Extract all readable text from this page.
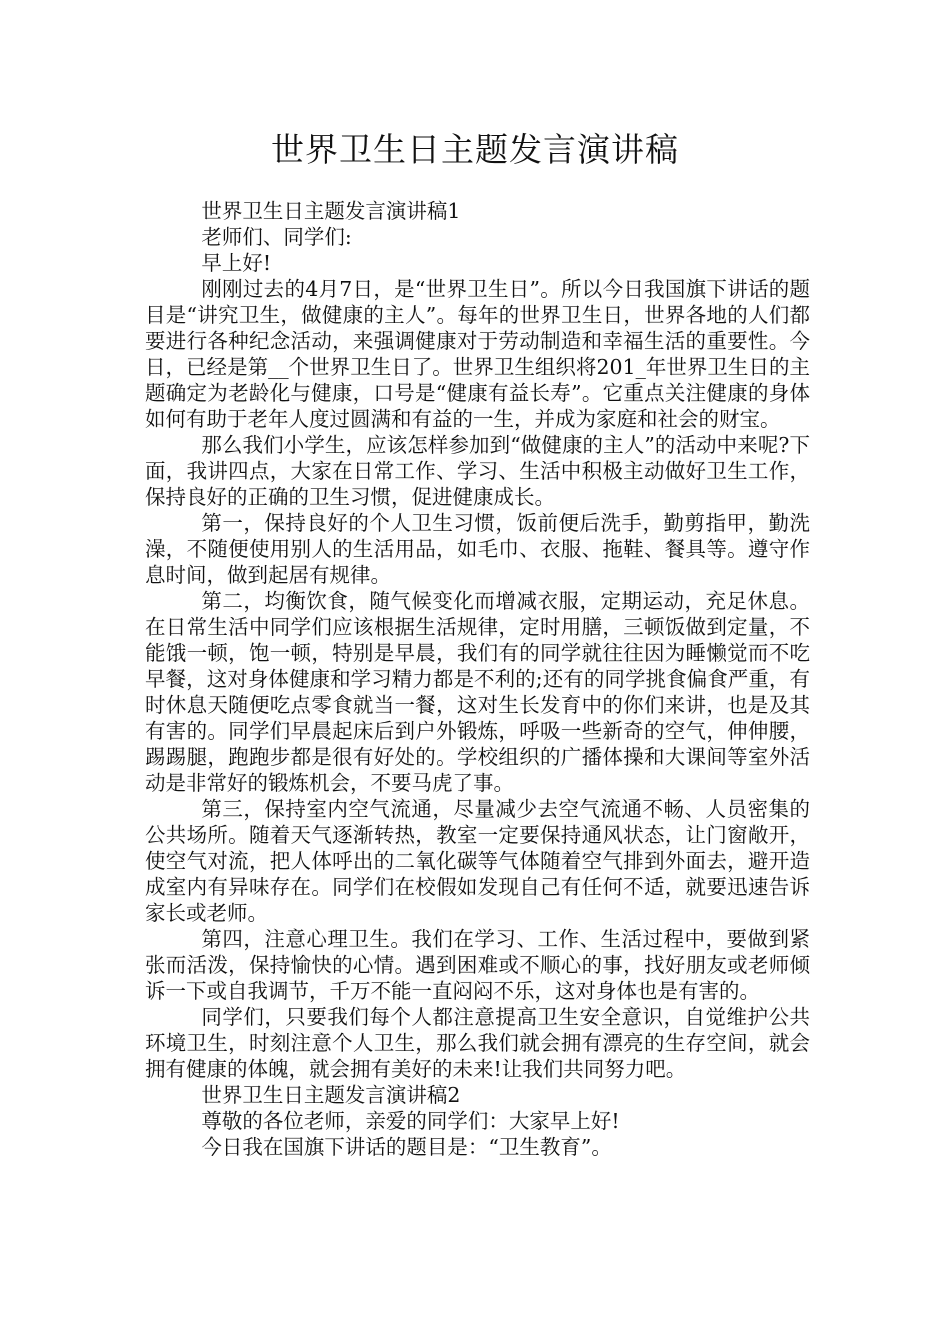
世界卫生日主题发言演讲稿

世界卫生日主题发言演讲稿1

老师们、同学们:

早上好!

刚刚过去的4月7日，是“世界卫生日”。所以今日我国旗下讲话的题目是“讲究卫生，做健康的主人”。每年的世界卫生日，世界各地的人们都要进行各种纪念活动，来强调健康对于劳动制造和幸福生活的重要性。今日，已经是第__个世界卫生日了。世界卫生组织将201_年世界卫生日的主题确定为老龄化与健康，口号是“健康有益长寿”。它重点关注健康的身体如何有助于老年人度过圆满和有益的一生，并成为家庭和社会的财宝。

那么我们小学生，应该怎样参加到“做健康的主人”的活动中来呢?下面，我讲四点，大家在日常工作、学习、生活中积极主动做好卫生工作，保持良好的正确的卫生习惯，促进健康成长。

第一，保持良好的个人卫生习惯，饭前便后洗手，勤剪指甲，勤洗澡，不随便使用别人的生活用品，如毛巾、衣服、拖鞋、餐具等。遵守作息时间，做到起居有规律。

第二，均衡饮食，随气候变化而增减衣服，定期运动，充足休息。在日常生活中同学们应该根据生活规律，定时用膳，三顿饭做到定量，不能饿一顿，饱一顿，特别是早晨，我们有的同学就往往因为睡懒觉而不吃早餐，这对身体健康和学习精力都是不利的;还有的同学挑食偏食严重，有时休息天随便吃点零食就当一餐，这对生长发育中的你们来讲，也是及其有害的。同学们早晨起床后到户外锻炼，呼吸一些新奇的空气，伸伸腰，踢踢腿，跑跑步都是很有好处的。学校组织的广播体操和大课间等室外活动是非常好的锻炼机会，不要马虎了事。

第三，保持室内空气流通，尽量减少去空气流通不畅、人员密集的公共场所。随着天气逐渐转热，教室一定要保持通风状态，让门窗敞开，使空气对流，把人体呼出的二氧化碳等气体随着空气排到外面去，避开造成室内有异味存在。同学们在校假如发现自己有任何不适，就要迅速告诉家长或老师。

第四，注意心理卫生。我们在学习、工作、生活过程中，要做到紧张而活泼，保持愉快的心情。遇到困难或不顺心的事，找好朋友或老师倾诉一下或自我调节，千万不能一直闷闷不乐，这对身体也是有害的。

同学们，只要我们每个人都注意提高卫生安全意识，自觉维护公共环境卫生，时刻注意个人卫生，那么我们就会拥有漂亮的生存空间，就会拥有健康的体魄，就会拥有美好的未来!让我们共同努力吧。

世界卫生日主题发言演讲稿2

尊敬的各位老师，亲爱的同学们：大家早上好!

今日我在国旗下讲话的题目是：“卫生教育”。
